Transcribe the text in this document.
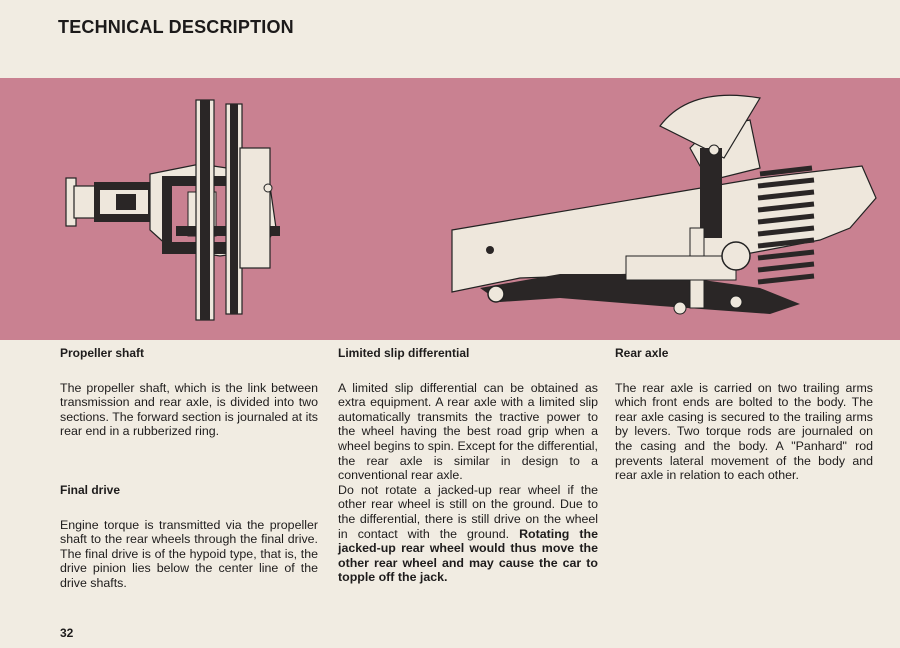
TECHNICAL DESCRIPTION
Propeller shaft

The propeller shaft, which is the link between transmission and rear axle, is divided into two sections. The forward section is journaled at its rear end in a rubberized ring.

Final drive

Engine torque is transmitted via the propeller shaft to the rear wheels through the final drive. The final drive is of the hypoid type, that is, the drive pinion lies below the center line of the drive shafts.

Limited slip differential

A limited slip differential can be obtained as extra equipment. A rear axle with a limited slip automatically transmits the tractive power to the wheel having the best road grip when a wheel begins to spin. Except for the differential, the rear axle is similar in design to a conventional rear axle.

Do not rotate a jacked-up rear wheel if the other rear wheel is still on the ground. Due to the differential, there is still drive on the wheel in contact with the ground. Rotating the jacked-up rear wheel would thus move the other rear wheel and may cause the car to topple off the jack.

Rear axle

The rear axle is carried on two trailing arms which front ends are bolted to the body. The rear axle casing is secured to the trailing arms by levers. Two torque rods are journaled on the casing and the body. A "Panhard" rod prevents lateral movement of the body and rear axle in relation to each other.

32
